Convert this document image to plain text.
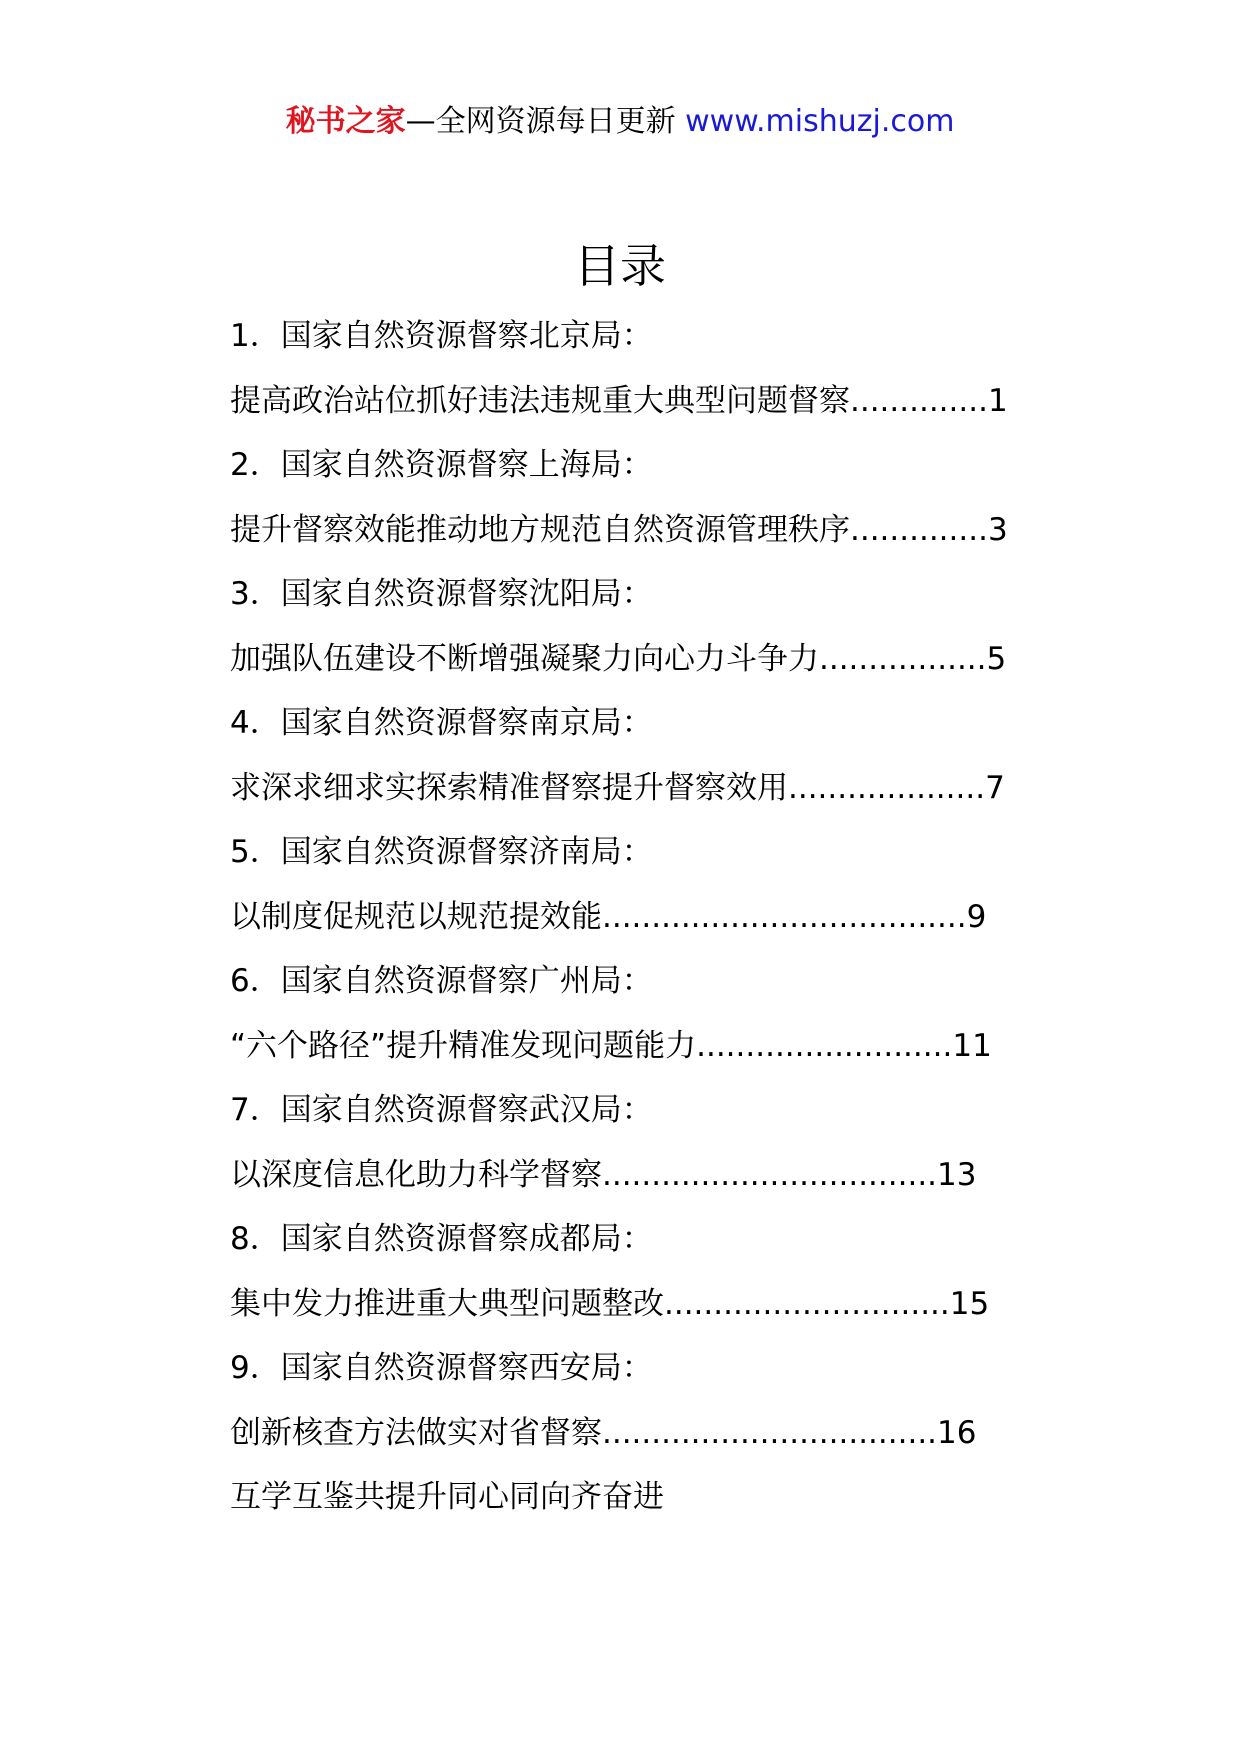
秘书之家—全网资源每日更新 www.mishuzj.com
目录
1．国家自然资源督察北京局：
提高政治站位抓好违法违规重大典型问题督察 .............. 1
2．国家自然资源督察上海局：
提升督察效能推动地方规范自然资源管理秩序 .............. 3
3．国家自然资源督察沈阳局：
加强队伍建设不断增强凝聚力向心力斗争力 ................. 5
4．国家自然资源督察南京局：
求深求细求实探索精准督察提升督察效用 .................... 7
5．国家自然资源督察济南局：
以制度促规范以规范提效能 ..................................... 9
6．国家自然资源督察广州局：
“六个路径”提升精准发现问题能力 .......................... 11
7．国家自然资源督察武汉局：
以深度信息化助力科学督察 .................................. 13
8．国家自然资源督察成都局：
集中发力推进重大典型问题整改 ............................. 15
9．国家自然资源督察西安局：
创新核查方法做实对省督察 .................................. 16
互学互鉴共提升同心同向齐奋进
